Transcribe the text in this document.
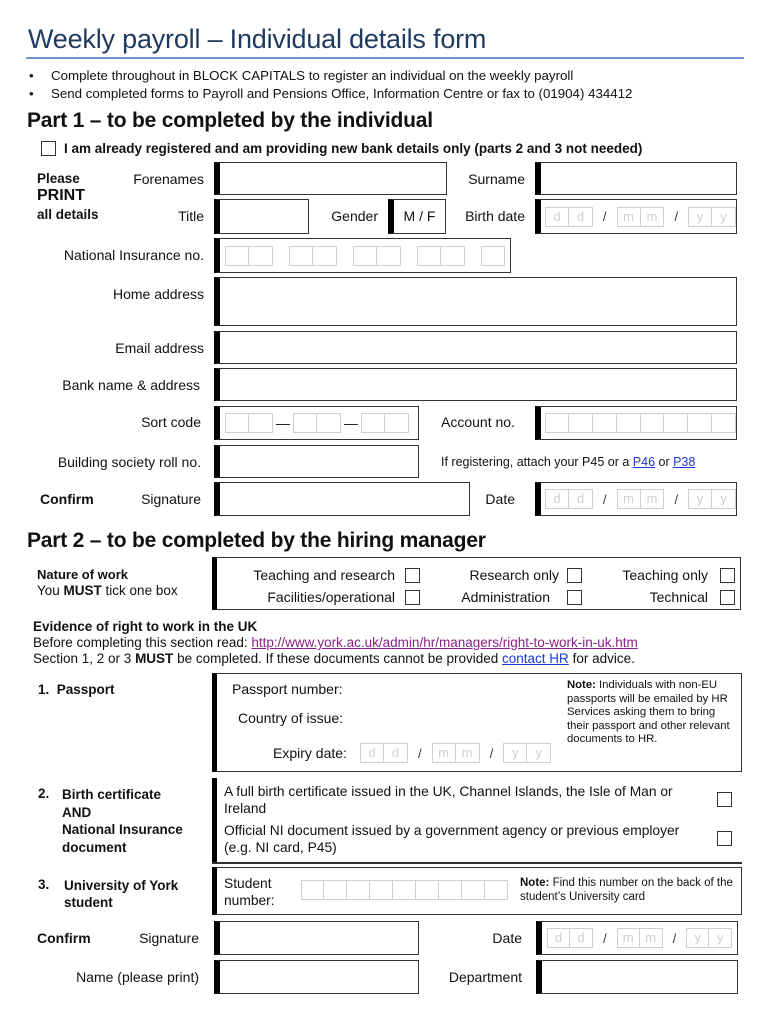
Weekly payroll – Individual details form
• Complete throughout in BLOCK CAPITALS to register an individual on the weekly payroll
• Send completed forms to Payroll and Pensions Office, Information Centre or fax to (01904) 434412
Part 1 – to be completed by the individual
I am already registered and am providing new bank details only (parts 2 and 3 not needed)
Please
PRINT
all details
Forenames	Surname
Title	Gender	M / F	Birth date	d	d	/	m m	/	y	y
National Insurance no.
Home address
Email address
Bank name & address
Sort code	—	—	Account no.
Building society roll no.	If registering, attach your P45 or a P46 or P38
Confirm	Signature	Date	d	d	/	m m	/	y	y
Part 2 – to be completed by the hiring manager
Nature of work
You MUST tick one box
Teaching and research	Research only	Teaching only
Facilities/operational	Administration	Technical
Evidence of right to work in the UK
Before completing this section read: http://www.york.ac.uk/admin/hr/managers/right-to-work-in-uk.htm
Section 1, 2 or 3 MUST be completed. If these documents cannot be provided contact HR for advice.
1.  Passport	Passport number:
Country of issue:
Expiry date:	d	d	/	m m	/	y	y
Note: Individuals with non-EU passports will be emailed by HR Services asking them to bring their passport and other relevant documents to HR.
2. Birth certificate
AND
National Insurance
document
A full birth certificate issued in the UK, Channel Islands, the Isle of Man or Ireland
Official NI document issued by a government agency or previous employer (e.g. NI card, P45)
3. University of York
student
Student number:
Note: Find this number on the back of the student’s University card
Confirm	Signature	Date	d	d	/	m m	/	y	y
Name (please print)	Department
